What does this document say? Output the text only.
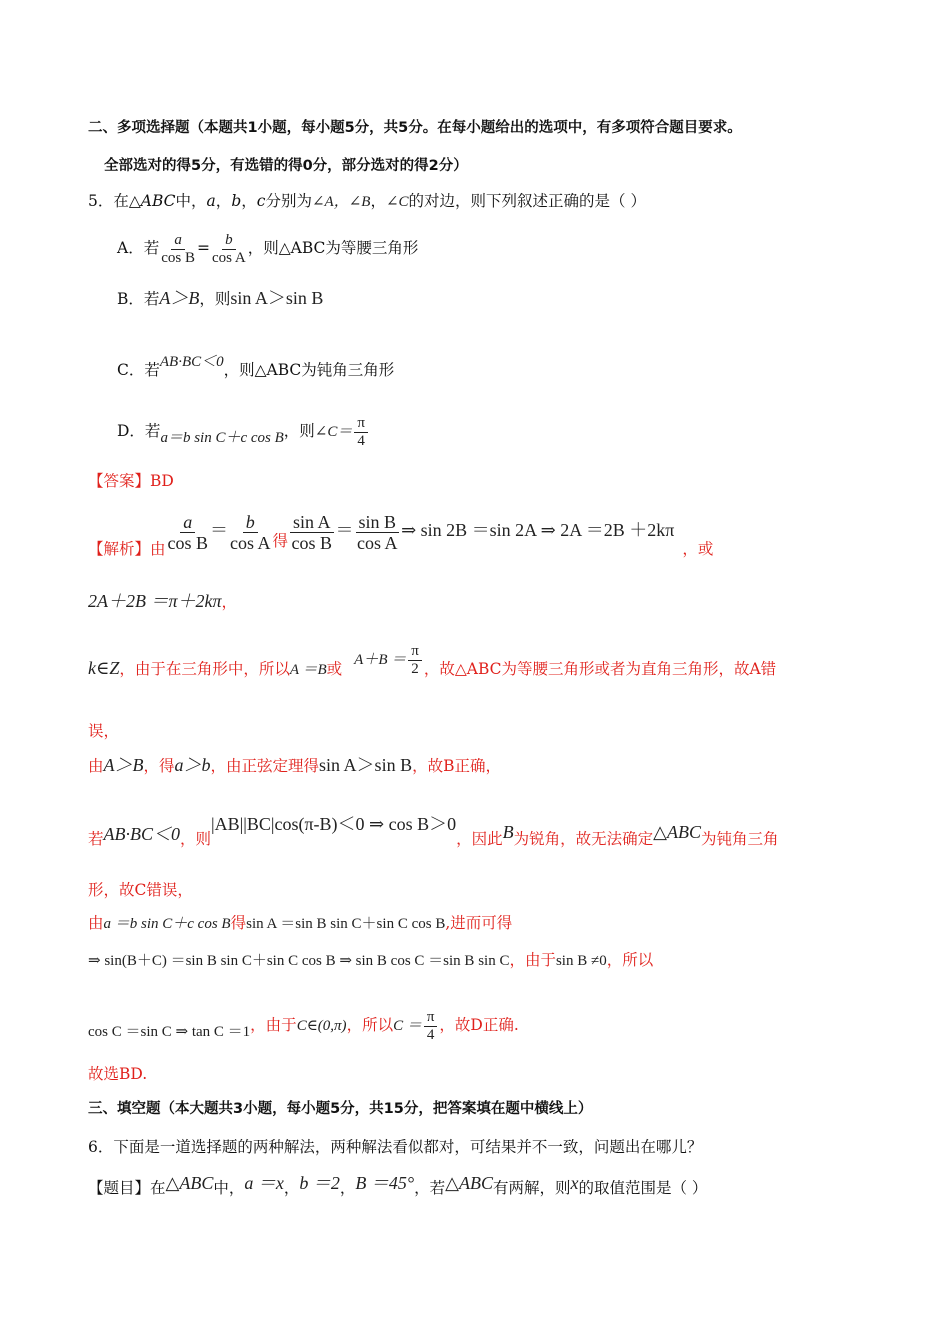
二、多项选择题（本题共1小题，每小题5分，共5分。在每小题给出的选项中，有多项符合题目要求。
全部选对的得5分，有选错的得0分，部分选对的得2分）
5．在△ABC中，a，b，c分别为∠A，∠B，∠C的对边，则下列叙述正确的是（ ）
A．若 $\frac{a}{\text{cos B}} = \frac{b}{\text{cos A}}$ ，则△ABC为等腰三角形
B．若A＞B，则sin A＞sin B
C．若AB·BC＜0，则△ABC为钝角三角形
D．若a＝b sin C＋c cos B，则∠C＝ $\frac{\pi}{4}$
【答案】BD
【解析】由 $\frac{a}{\text{cos B}} = \frac{b}{\text{cos A}}$ 得 $\frac{\text{sin A}}{\text{cos B}} = \frac{\text{sin B}}{\text{cos A}}$ ⇒ sin 2B ＝sin 2A ⇒ 2A ＝2B ＋2kπ，或
2A＋2B ＝π＋2kπ，
k∈Z，由于在三角形中，所以A ＝B或 $A+B = \frac{\pi}{2}$ ，故△ABC为等腰三角形或者为直角三角形，故A错
误，
由A＞B，得a＞b，由正弦定理得sin A＞sin B，故B正确，
若AB·BC＜0，则|AB||BC|cos(π-B)＜0 ⇒ cos B＞0，因此B为锐角，故无法确定△ABC为钝角三角
形，故C错误，
由a ＝b sin C＋c cos B得sin A ＝sin B sin C＋sin C cos B,进而可得
⇒ sin(B＋C) ＝sin B sin C＋sin C cos B ⇒ sin B cos C ＝sin B sin C，由于sin B ≠0，所以
cos C ＝sin C ⇒ tan C ＝1，由于C∈(0,π)，所以$C = \frac{\pi}{4}$ ，故D正确.
故选BD.
三、填空题（本大题共3小题，每小题5分，共15分，把答案填在题中横线上）
6．下面是一道选择题的两种解法，两种解法看似都对，可结果并不一致，问题出在哪儿？
【题目】在△ABC中，a ＝x，b ＝2，B ＝45°，若△ABC有两解，则x的取值范围是（ ）
